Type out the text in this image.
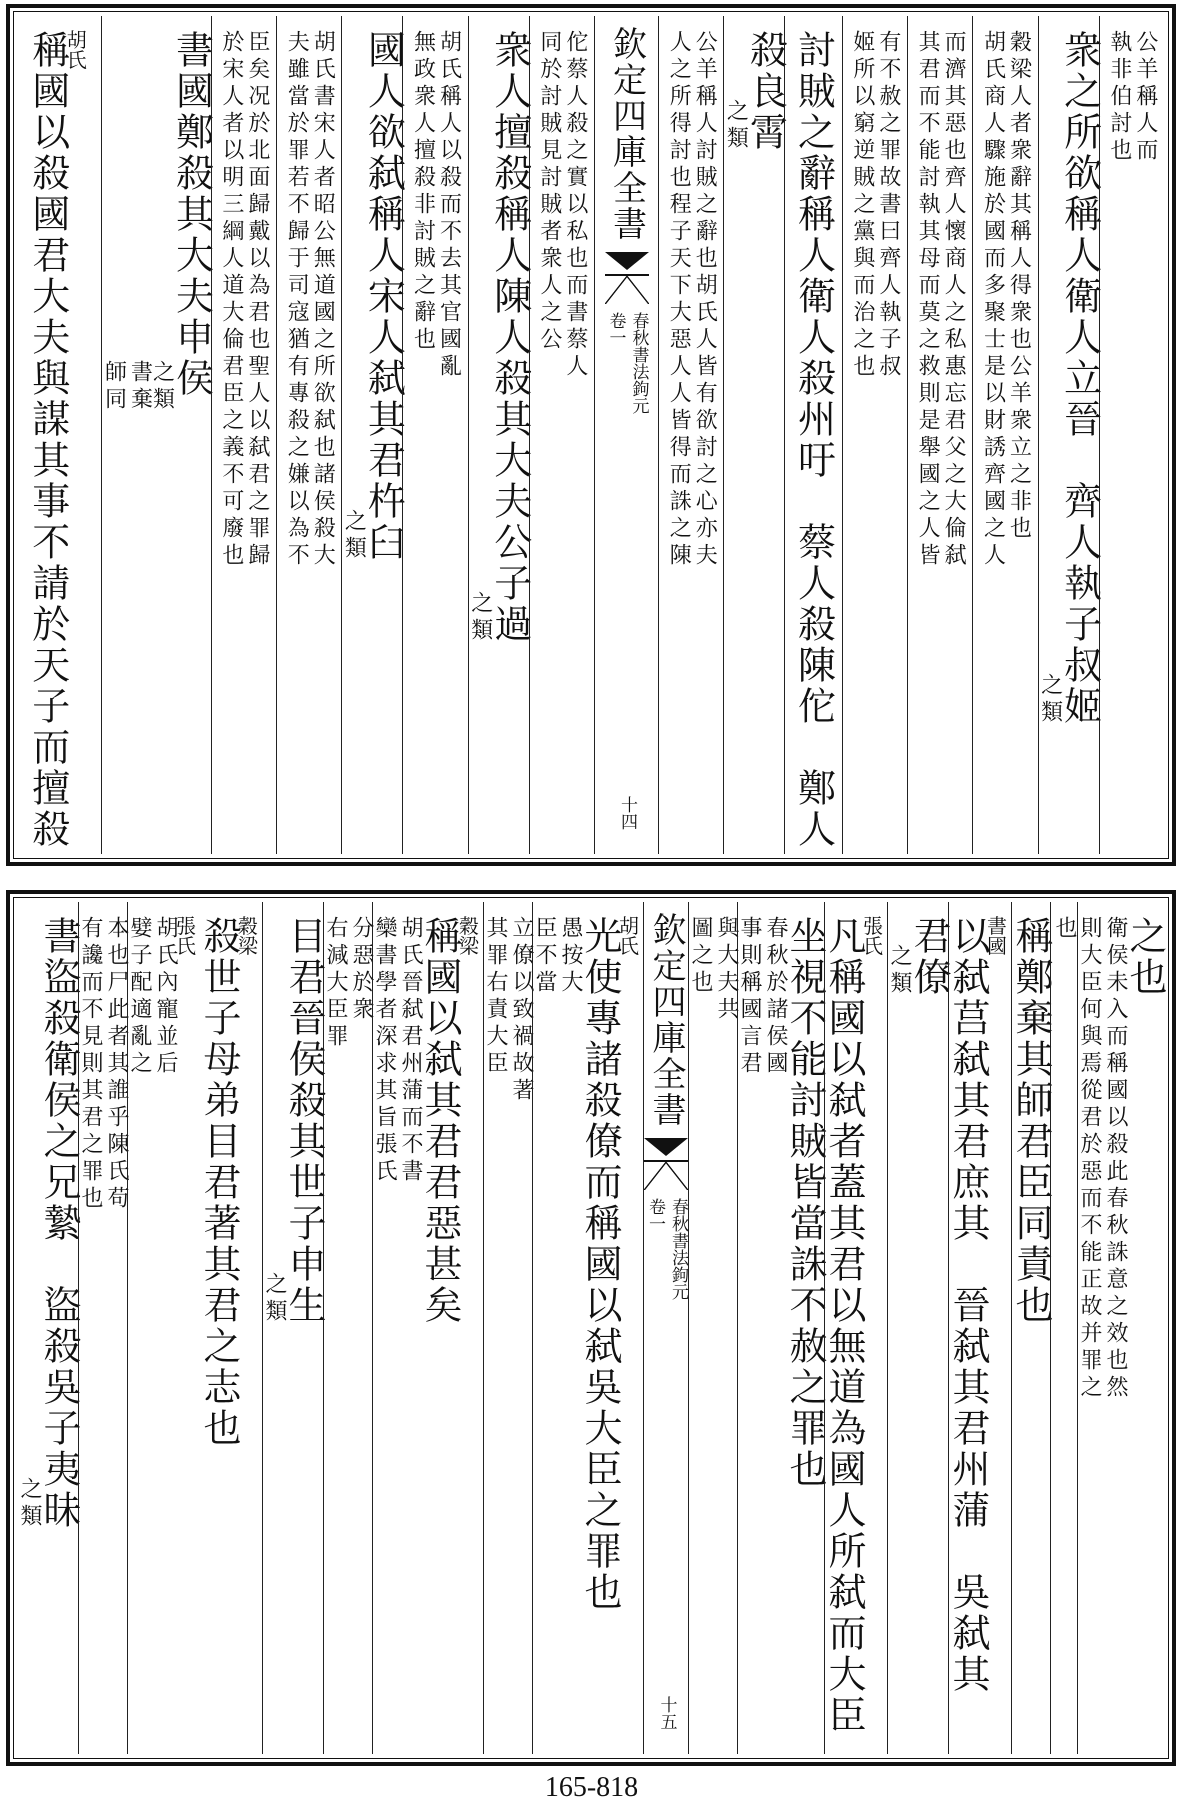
公羊稱人而
執非伯討也
衆之所欲稱人衛人立晉　齊人執子叔姬
之類
穀梁人者衆辭其稱人得衆也公羊衆立之非也
胡氏商人驟施於國而多聚士是以財誘齊國之人
而濟其惡也齊人懷商人之私惠忘君父之大倫弑
其君而不能討執其母而莫之救則是舉國之人皆
有不赦之罪故書曰齊人執子叔
姬所以窮逆賊之黨與而治之也
討賊之辭稱人衛人殺州吁　蔡人殺陳佗　鄭人
殺良霄
之類
公羊稱人討賊之辭也胡氏人皆有欲討之心亦夫
人之所得討也程子天下大惡人人皆得而誅之陳
欽定四庫全書
春秋書法鉤元
卷一
十四
佗蔡人殺之實以私也而書蔡人
同於討賊見討賊者衆人之公
衆人擅殺稱人陳人殺其大夫公子過
之類
胡氏稱人以殺而不去其官國亂
無政衆人擅殺非討賊之辭也
國人欲弑稱人宋人弑其君杵臼
之類
胡氏書宋人者昭公無道國之所欲弑也諸侯殺大
夫雖當於罪若不歸于司寇猶有專殺之嫌以為不
臣矣况於北面歸戴以為君也聖人以弑君之罪歸
於宋人者以明三綱人道大倫君臣之義不可廢也
書國鄭殺其大夫申侯
之類
書棄
師同
胡氏
稱國以殺國君大夫與謀其事不請於天子而擅殺
之也
衛侯未入而稱國以殺此春秋誅意之效也然
則大臣何與焉從君於惡而不能正故并罪之
也
稱鄭棄其師君臣同責也
書國
以弑莒弑其君庶其　晉弑其君州蒲　吳弑其
君僚
之類
張氏
凡稱國以弑者蓋其君以無道為國人所弑而大臣
坐視不能討賊皆當誅不赦之罪也
春秋於諸侯國
事則稱國言君
與大夫共
圖之也
欽定四庫全書
春秋書法鉤元
卷一
十五
胡氏
光使專諸殺僚而稱國以弑吳大臣之罪也
愚按大
臣不當
立僚以致禍故著
其罪右責大臣
穀梁
稱國以弑其君君惡甚矣
胡氏晉弑君州蒲而不書
欒書學者深求其旨張氏
分惡於衆
右減大臣罪
目君晉侯殺其世子申生
之類
穀梁
殺世子母弟目君著其君之志也
張氏
胡氏內寵並后
嬖子配適亂之
本也尸此者其誰乎陳氏苟
有讒而不見則其君之罪也
書盜殺衛侯之兄縶　盜殺吳子夷昧
之類
165-818
